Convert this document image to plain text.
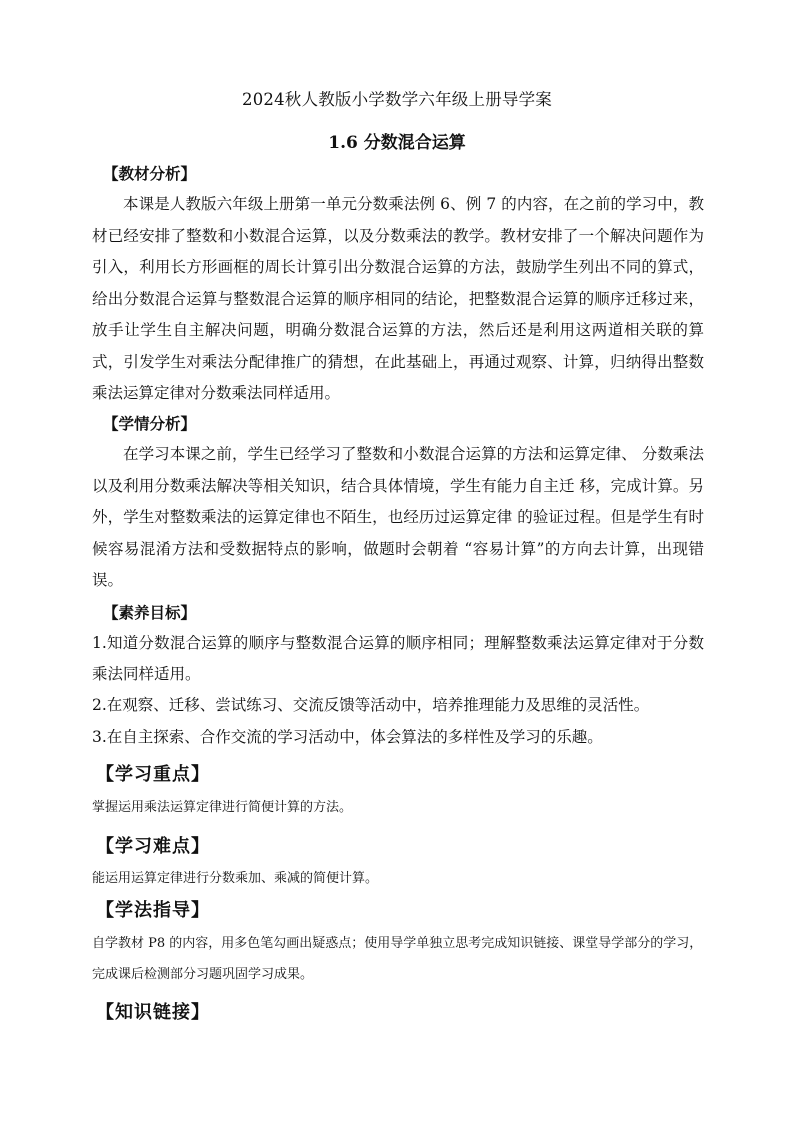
2024秋人教版小学数学六年级上册导学案
1.6 分数混合运算
【教材分析】

本课是人教版六年级上册第一单元分数乘法例 6、例 7 的内容，在之前的学习中，教材已经安排了整数和小数混合运算，以及分数乘法的教学。教材安排了一个解决问题作为引入，利用长方形画框的周长计算引出分数混合运算的方法，鼓励学生列出不同的算式，给出分数混合运算与整数混合运算的顺序相同的结论，把整数混合运算的顺序迁移过来，放手让学生自主解决问题，明确分数混合运算的方法，然后还是利用这两道相关联的算式，引发学生对乘法分配律推广的猜想，在此基础上，再通过观察、计算，归纳得出整数乘法运算定律对分数乘法同样适用。

【学情分析】

在学习本课之前，学生已经学习了整数和小数混合运算的方法和运算定律、 分数乘法以及利用分数乘法解决等相关知识，结合具体情境，学生有能力自主迁 移，完成计算。另外，学生对整数乘法的运算定律也不陌生，也经历过运算定律 的验证过程。但是学生有时候容易混淆方法和受数据特点的影响，做题时会朝着 “容易计算”的方向去计算，出现错误。

【素养目标】

1.知道分数混合运算的顺序与整数混合运算的顺序相同；理解整数乘法运算定律对于分数乘法同样适用。

2.在观察、迁移、尝试练习、交流反馈等活动中，培养推理能力及思维的灵活性。

3.在自主探索、合作交流的学习活动中，体会算法的多样性及学习的乐趣。

【学习重点】

掌握运用乘法运算定律进行简便计算的方法。

【学习难点】

能运用运算定律进行分数乘加、乘减的简便计算。

【学法指导】

自学教材 P8 的内容，用多色笔勾画出疑惑点；使用导学单独立思考完成知识链接、课堂导学部分的学习，完成课后检测部分习题巩固学习成果。

【知识链接】
